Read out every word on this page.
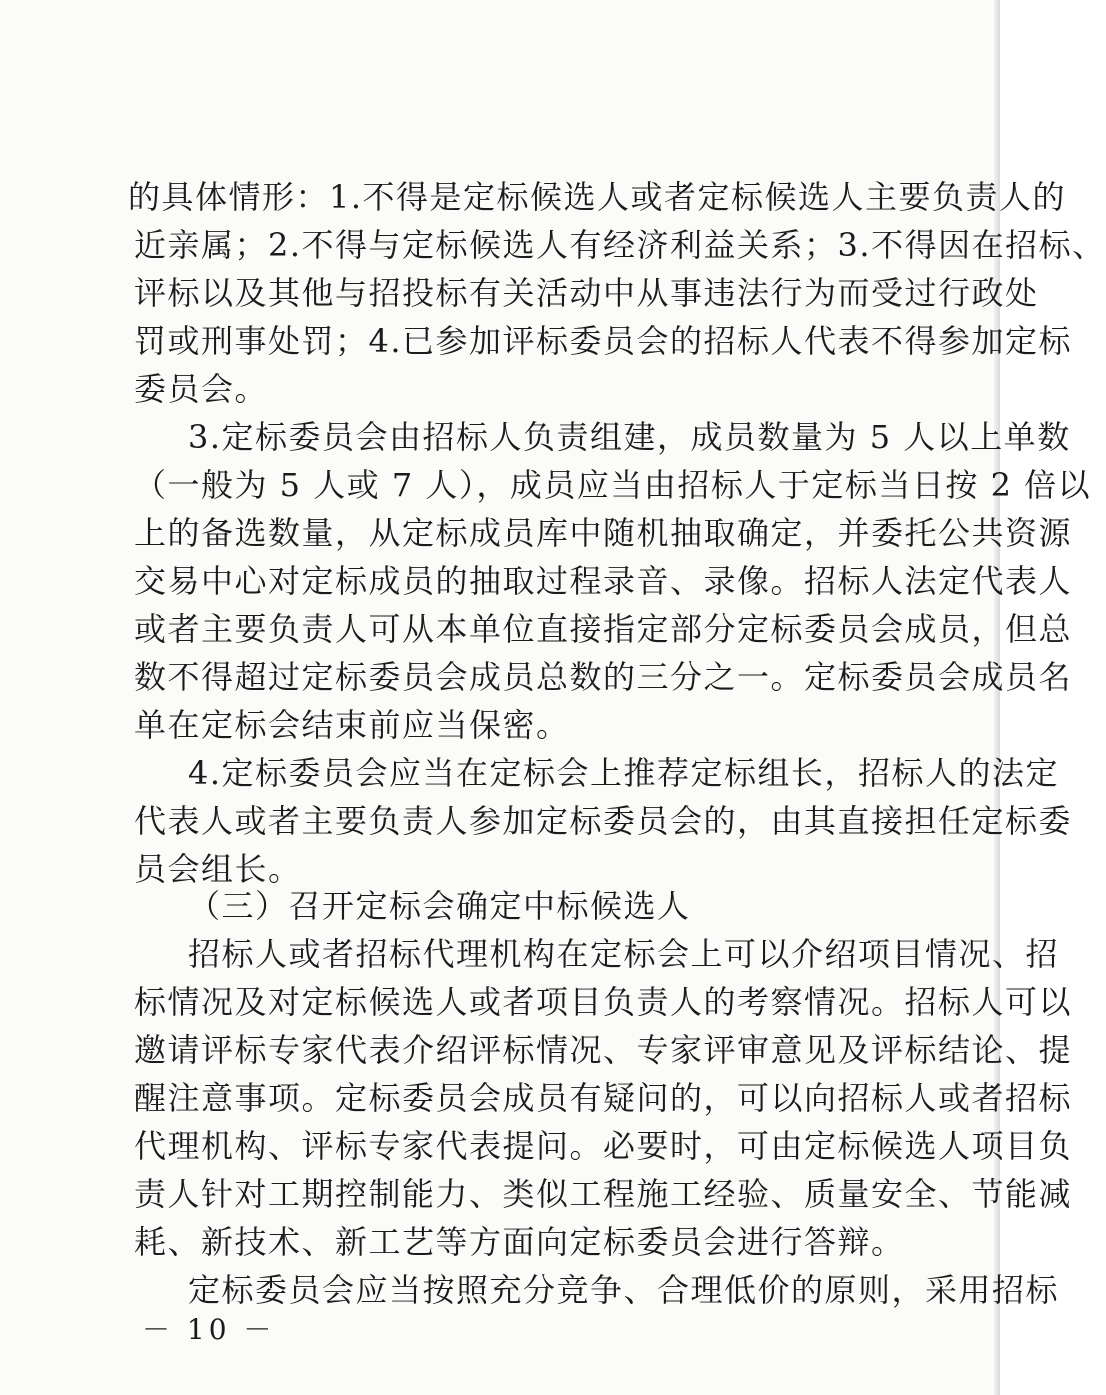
的具体情形：1.不得是定标候选人或者定标候选人主要负责人的
近亲属；2.不得与定标候选人有经济利益关系；3.不得因在招标、
评标以及其他与招投标有关活动中从事违法行为而受过行政处
罚或刑事处罚；4.已参加评标委员会的招标人代表不得参加定标
委员会。
3.定标委员会由招标人负责组建，成员数量为 5 人以上单数
（一般为 5 人或 7 人），成员应当由招标人于定标当日按 2 倍以
上的备选数量，从定标成员库中随机抽取确定，并委托公共资源
交易中心对定标成员的抽取过程录音、录像。招标人法定代表人
或者主要负责人可从本单位直接指定部分定标委员会成员，但总
数不得超过定标委员会成员总数的三分之一。定标委员会成员名
单在定标会结束前应当保密。
4.定标委员会应当在定标会上推荐定标组长，招标人的法定
代表人或者主要负责人参加定标委员会的，由其直接担任定标委
员会组长。
（三）召开定标会确定中标候选人
招标人或者招标代理机构在定标会上可以介绍项目情况、招
标情况及对定标候选人或者项目负责人的考察情况。招标人可以
邀请评标专家代表介绍评标情况、专家评审意见及评标结论、提
醒注意事项。定标委员会成员有疑问的，可以向招标人或者招标
代理机构、评标专家代表提问。必要时，可由定标候选人项目负
责人针对工期控制能力、类似工程施工经验、质量安全、节能减
耗、新技术、新工艺等方面向定标委员会进行答辩。
定标委员会应当按照充分竞争、合理低价的原则，采用招标
－ 10 －
